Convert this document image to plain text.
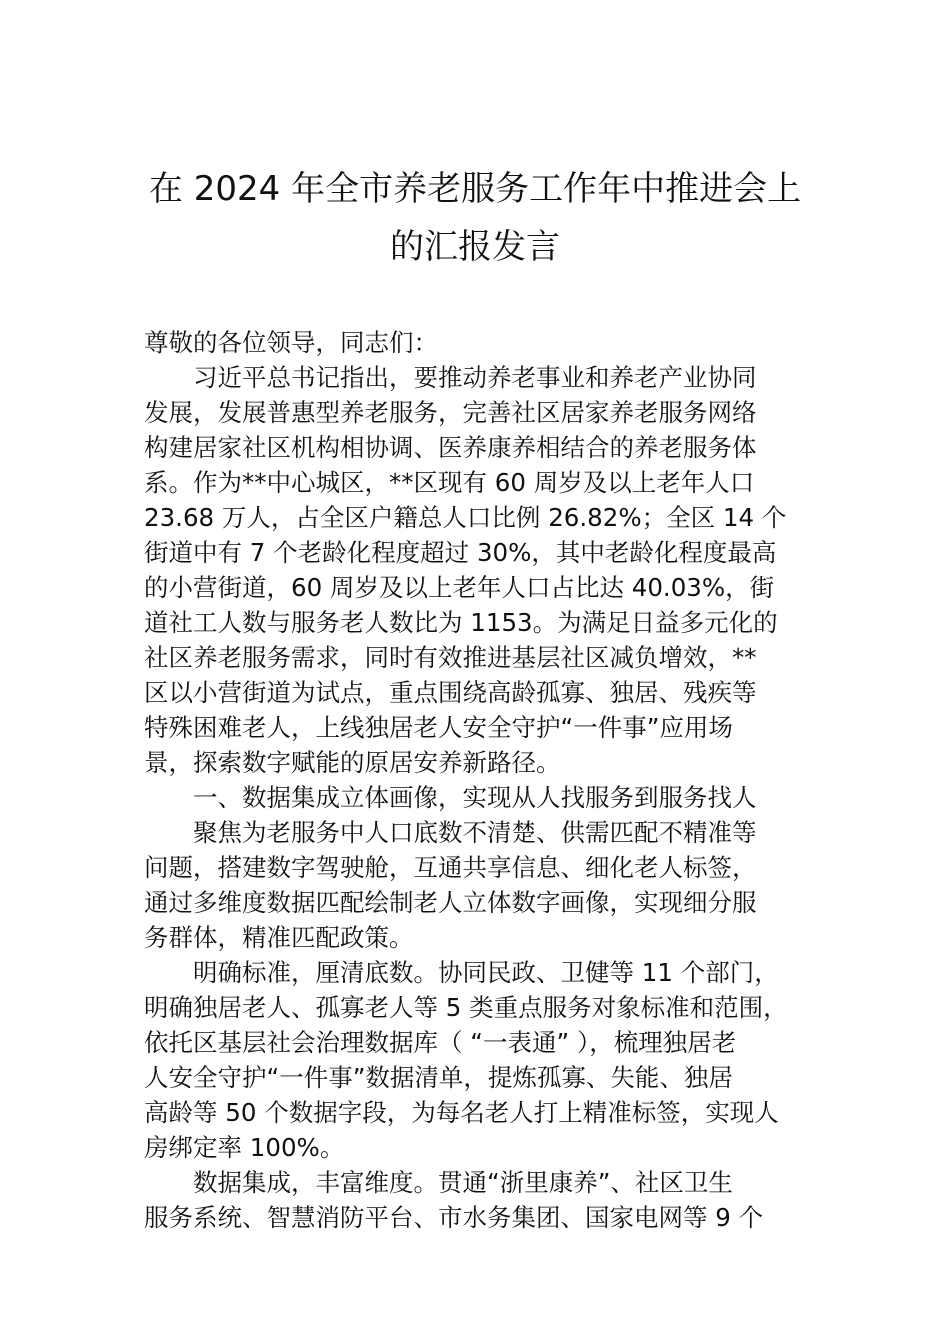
在 2024 年全市养老服务工作年中推进会上
的汇报发言
尊敬的各位领导，同志们：
　　习近平总书记指出，要推动养老事业和养老产业协同
发展，发展普惠型养老服务，完善社区居家养老服务网络
构建居家社区机构相协调、医养康养相结合的养老服务体
系。作为**中心城区，**区现有 60 周岁及以上老年人口
23.68 万人，占全区户籍总人口比例 26.82%；全区 14 个
街道中有 7 个老龄化程度超过 30%，其中老龄化程度最高
的小营街道，60 周岁及以上老年人口占比达 40.03%，街
道社工人数与服务老人数比为 1153。为满足日益多元化的
社区养老服务需求，同时有效推进基层社区减负增效，**
区以小营街道为试点，重点围绕高龄孤寡、独居、残疾等
特殊困难老人，上线独居老人安全守护“一件事”应用场
景，探索数字赋能的原居安养新路径。
　　一、数据集成立体画像，实现从人找服务到服务找人
　　聚焦为老服务中人口底数不清楚、供需匹配不精准等
问题，搭建数字驾驶舱，互通共享信息、细化老人标签，
通过多维度数据匹配绘制老人立体数字画像，实现细分服
务群体，精准匹配政策。
　　明确标准，厘清底数。协同民政、卫健等 11 个部门，
明确独居老人、孤寡老人等 5 类重点服务对象标准和范围，
依托区基层社会治理数据库（ “一表通” ），梳理独居老
人安全守护“一件事”数据清单，提炼孤寡、失能、独居
高龄等 50 个数据字段，为每名老人打上精准标签，实现人
房绑定率 100%。
　　数据集成，丰富维度。贯通“浙里康养”、社区卫生
服务系统、智慧消防平台、市水务集团、国家电网等 9 个
